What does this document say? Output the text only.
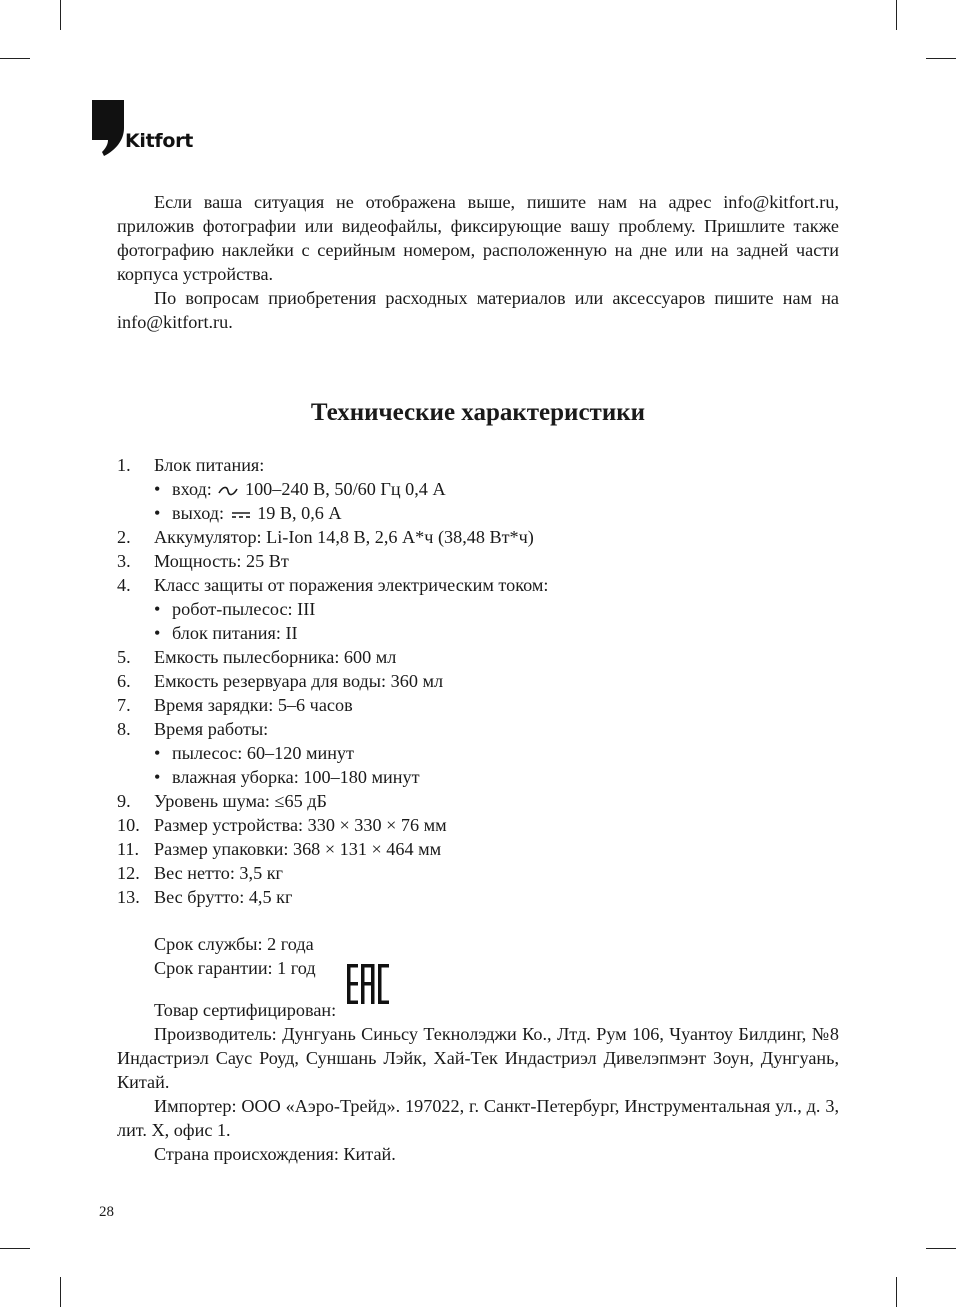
Kitfort

Если ваша ситуация не отображена выше, пишите нам на адрес info@kitfort.ru, приложив фотографии или видеофайлы, фиксирующие вашу проблему. Пришлите также фотографию наклейки с серийным номером, расположенную на дне или на задней части корпуса устройства.

По вопросам приобретения расходных материалов или аксессуаров пишите нам на info@kitfort.ru.

Технические характеристики
1. Блок питания:
• вход: 100–240 В, 50/60 Гц 0,4 А
• выход: 19 В, 0,6 А
2. Аккумулятор: Li-Ion 14,8 В, 2,6 А*ч (38,48 Вт*ч)
3. Мощность: 25 Вт
4. Класс защиты от поражения электрическим током:
• робот-пылесос: III
• блок питания: II
5. Емкость пылесборника: 600 мл
6. Емкость резервуара для воды: 360 мл
7. Время зарядки: 5–6 часов
8. Время работы:
• пылесос: 60–120 минут
• влажная уборка: 100–180 минут
9. Уровень шума: ≤65 дБ
10. Размер устройства: 330 × 330 × 76 мм
11. Размер упаковки: 368 × 131 × 464 мм
12. Вес нетто: 3,5 кг
13. Вес брутто: 4,5 кг
Срок службы: 2 года
Срок гарантии: 1 год
Товар сертифицирован:

Производитель: Дунгуань Синьсу Текнолэджи Ко., Лтд. Рум 106, Чуантоу Билдинг, №8 Индастриэл Саус Роуд, Суншань Лэйк, Хай-Тек Индастриэл Дивелэпмэнт Зоун, Дунгуань, Китай.

Импортер: ООО «Аэро-Трейд». 197022, г. Санкт-Петербург, Инструментальная ул., д. 3, лит. Х, офис 1.

Страна происхождения: Китай.

28
